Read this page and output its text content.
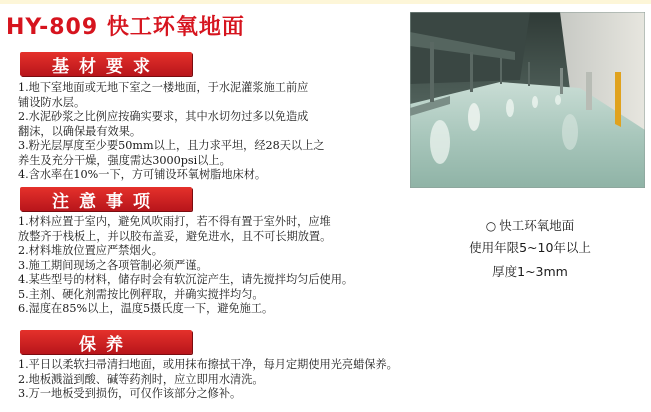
HY-809 快工环氧地面
基材要求
1.地下室地面或无地下室之一楼地面，于水泥灌浆施工前应
铺设防水层。
2.水泥砂浆之比例应按确实要求，其中水切勿过多以免造成
翻沫，以确保最有效果。
3.粉光层厚度至少要50mm以上，且力求平坦，经28天以上之
养生及充分干燥，强度需达3000psi以上。
4.含水率在10%一下，方可铺设环氧树脂地床材。
注意事项
1.材料应置于室内，避免风吹雨打，若不得有置于室外时，应堆
放整齐于栈板上，并以胶布盖妥，避免进水，且不可长期放置。
2.材料堆放位置应严禁烟火。
3.施工期间现场之各项管制必须严谨。
4.某些型号的材料，储存时会有软沉淀产生，请先搅拌均匀后使用。
5.主剂、硬化剂需按比例秤取，并确实搅拌均匀。
6.湿度在85%以上，温度5摄氏度一下，避免施工。
保养
1.平日以柔软扫帚清扫地面，或用抹布擦拭干净，每月定期使用光亮蜡保养。
2.地板溅溢到酸、碱等药剂时，应立即用水清洗。
3.万一地板受到损伤，可仅作该部分之修补。
○ 快工环氧地面
使用年限5~10年以上
厚度1~3mm
